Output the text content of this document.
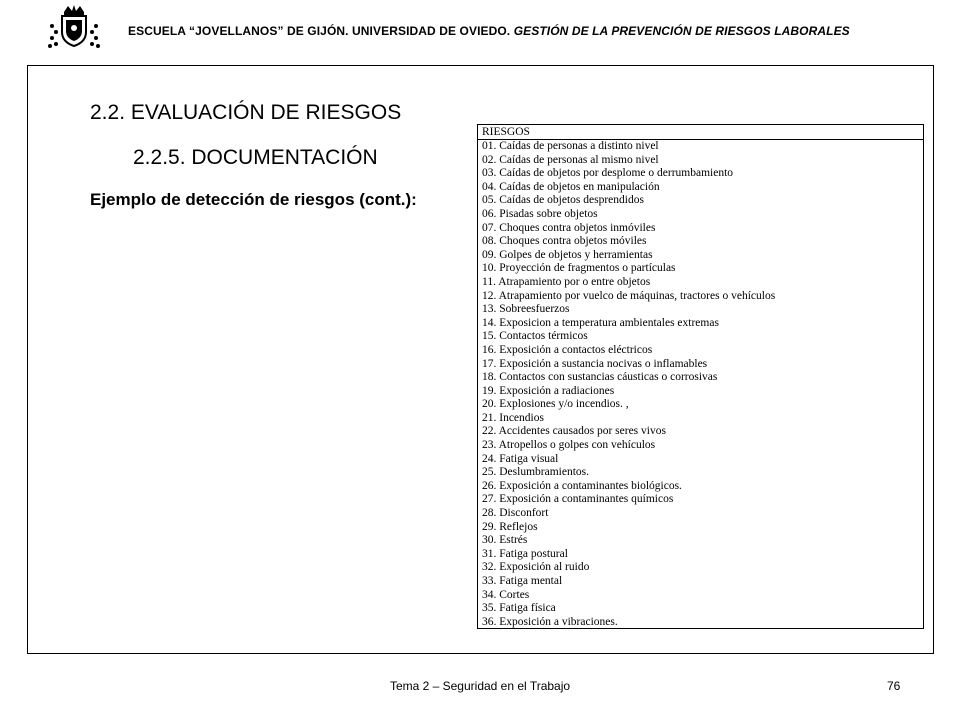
ESCUELA “JOVELLANOS” DE GIJÓN. UNIVERSIDAD DE OVIEDO. GESTIÓN DE LA PREVENCIÓN DE RIESGOS LABORALES
2.2. EVALUACIÓN DE RIESGOS
2.2.5. DOCUMENTACIÓN
Ejemplo de detección de riesgos (cont.):
RIESGOS
01. Caídas de personas a distinto nivel
02. Caídas de personas al mismo nivel
03. Caídas de objetos por desplome o derrumbamiento
04. Caídas de objetos en manipulación
05. Caídas de objetos desprendidos
06. Pisadas sobre objetos
07. Choques contra objetos inmóviles
08. Choques contra objetos móviles
09. Golpes de objetos y herramientas
10. Proyección de fragmentos o partículas
11. Atrapamiento por o entre objetos
12. Atrapamiento por vuelco de máquinas, tractores o vehículos
13. Sobreesfuerzos
14. Exposicion a temperatura ambientales extremas
15. Contactos térmicos
16. Exposición a contactos eléctricos
17. Exposición a sustancia nocivas o inflamables
18. Contactos con sustancias cáusticas o corrosivas
19. Exposición a radiaciones
20. Explosiones y/o incendios. ,
21. Incendios
22. Accidentes causados por seres vivos
23. Atropellos o golpes con vehículos
24. Fatiga visual
25. Deslumbramientos.
26. Exposición a contaminantes biológicos.
27. Exposición a contaminantes químicos
28. Disconfort
29. Reflejos
30. Estrés
31. Fatiga postural
32. Exposición al ruido
33. Fatiga mental
34. Cortes
35. Fatiga física
36. Exposición a vibraciones.
Tema 2 – Seguridad en el Trabajo	76
